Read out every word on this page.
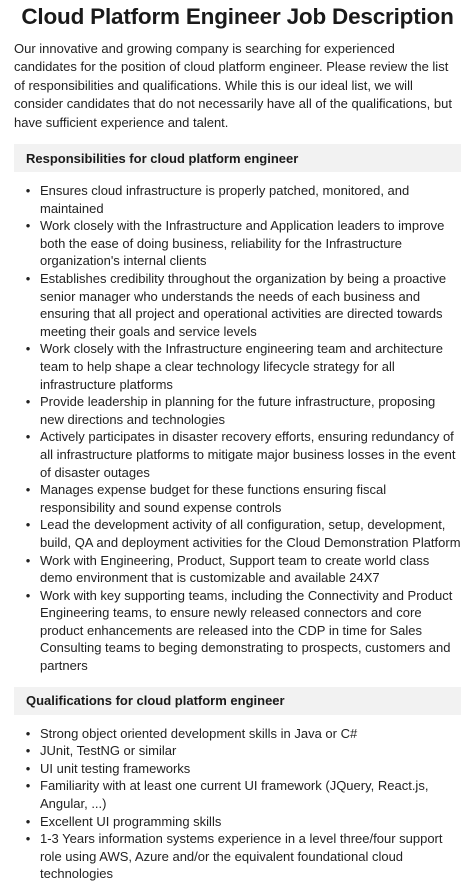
Cloud Platform Engineer Job Description

Our innovative and growing company is searching for experienced candidates for the position of cloud platform engineer. Please review the list of responsibilities and qualifications. While this is our ideal list, we will consider candidates that do not necessarily have all of the qualifications, but have sufficient experience and talent.

Responsibilities for cloud platform engineer
• Ensures cloud infrastructure is properly patched, monitored, and maintained
• Work closely with the Infrastructure and Application leaders to improve both the ease of doing business, reliability for the Infrastructure organization's internal clients
• Establishes credibility throughout the organization by being a proactive senior manager who understands the needs of each business and ensuring that all project and operational activities are directed towards meeting their goals and service levels
• Work closely with the Infrastructure engineering team and architecture team to help shape a clear technology lifecycle strategy for all infrastructure platforms
• Provide leadership in planning for the future infrastructure, proposing new directions and technologies
• Actively participates in disaster recovery efforts, ensuring redundancy of all infrastructure platforms to mitigate major business losses in the event of disaster outages
• Manages expense budget for these functions ensuring fiscal responsibility and sound expense controls
• Lead the development activity of all configuration, setup, development, build, QA and deployment activities for the Cloud Demonstration Platform
• Work with Engineering, Product, Support team to create world class demo environment that is customizable and available 24X7
• Work with key supporting teams, including the Connectivity and Product Engineering teams, to ensure newly released connectors and core product enhancements are released into the CDP in time for Sales Consulting teams to beging demonstrating to prospects, customers and partners
Qualifications for cloud platform engineer
• Strong object oriented development skills in Java or C#
• JUnit, TestNG or similar
• UI unit testing frameworks
• Familiarity with at least one current UI framework (JQuery, React.js, Angular, ...)
• Excellent UI programming skills
• 1-3 Years information systems experience in a level three/four support role using AWS, Azure and/or the equivalent foundational cloud technologies
